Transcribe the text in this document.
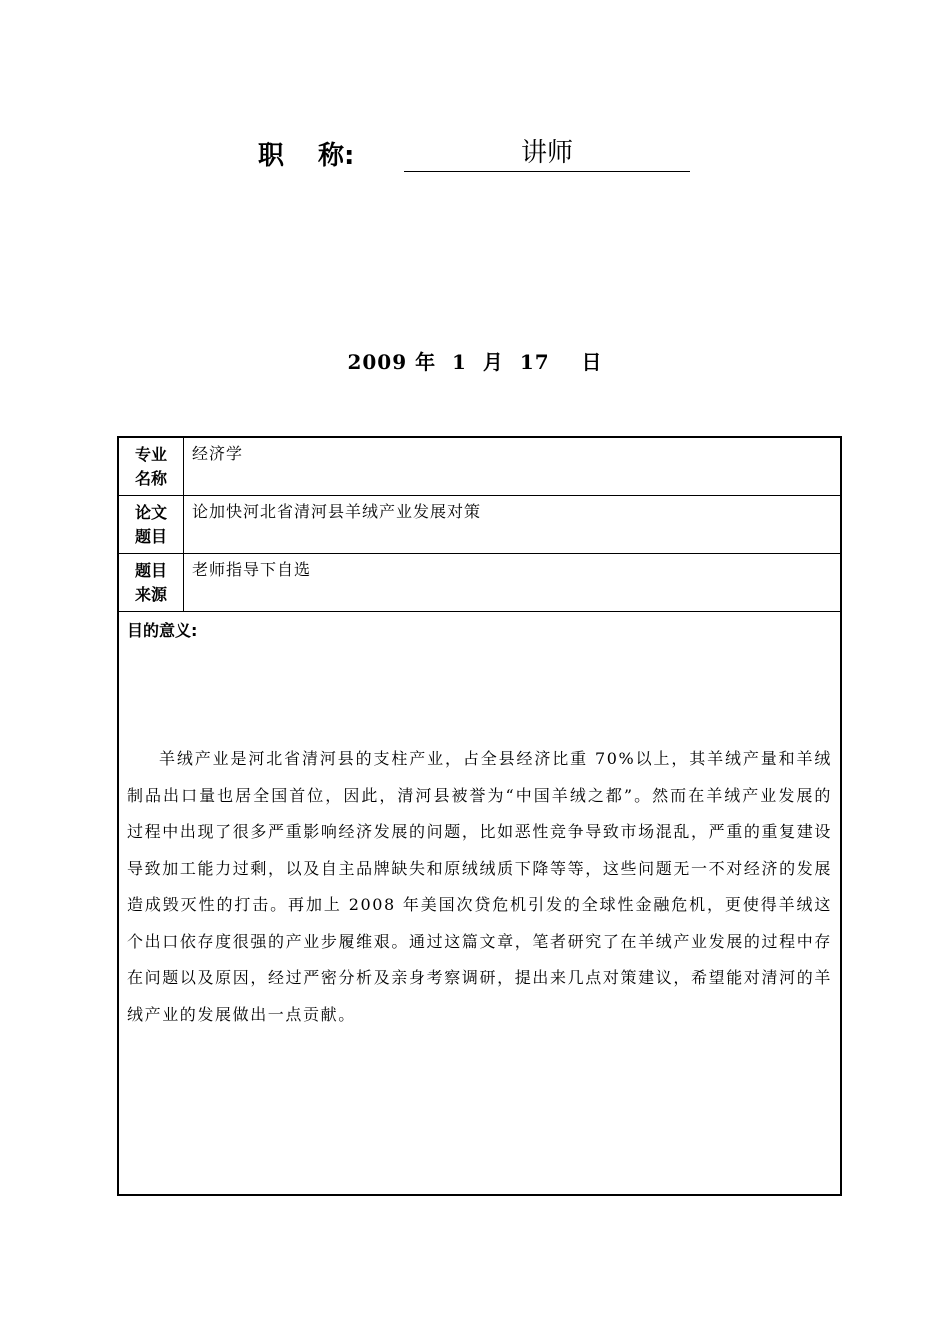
职	称:	讲师
2009 年 1 月 17 日
专业
名称	经济学

论文
题目	论加快河北省清河县羊绒产业发展对策

题目
来源	老师指导下自选

目的意义:
羊绒产业是河北省清河县的支柱产业，占全县经济比重 70%以上，其羊绒产量和羊绒制品出口量也居全国首位，因此，清河县被誉为“中国羊绒之都”。然而在羊绒产业发展的过程中出现了很多严重影响经济发展的问题，比如恶性竞争导致市场混乱，严重的重复建设导致加工能力过剩，以及自主品牌缺失和原绒绒质下降等等，这些问题无一不对经济的发展造成毁灭性的打击。再加上 2008 年美国次贷危机引发的全球性金融危机，更使得羊绒这个出口依存度很强的产业步履维艰。通过这篇文章，笔者研究了在羊绒产业发展的过程中存在问题以及原因，经过严密分析及亲身考察调研，提出来几点对策建议，希望能对清河的羊绒产业的发展做出一点贡献。	
